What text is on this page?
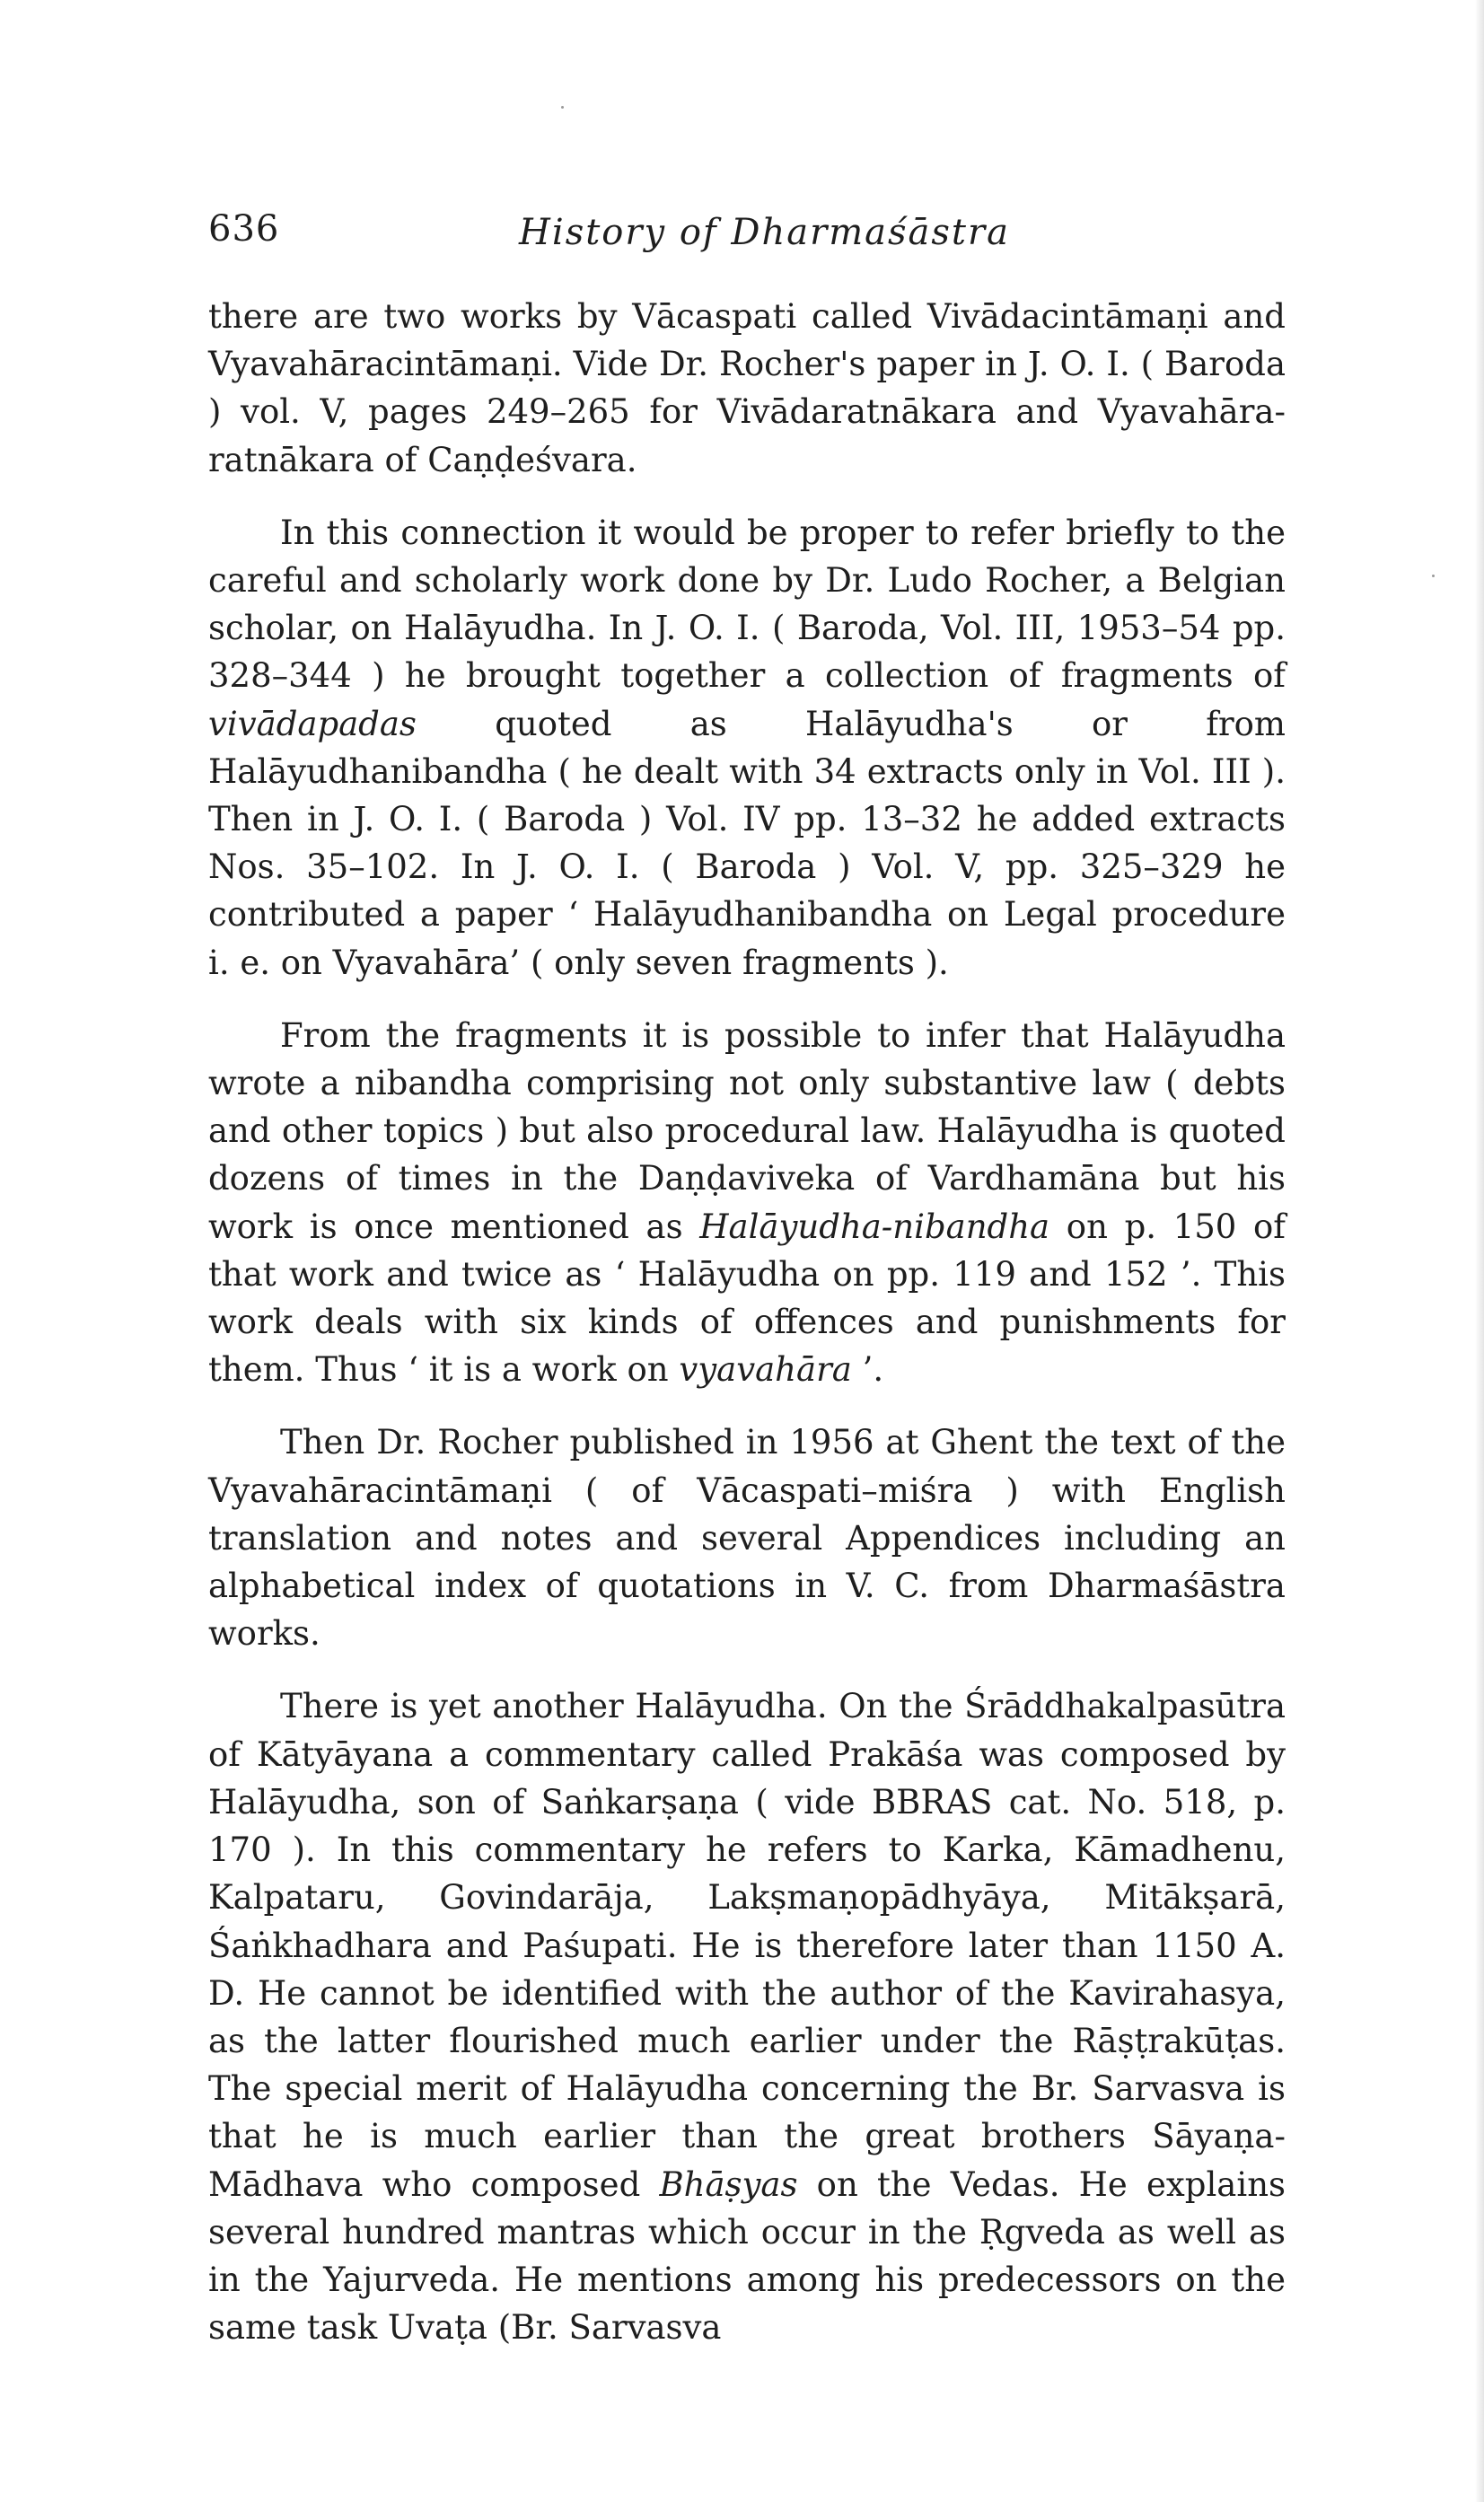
636	History of Dharmaśāstra

there are two works by Vācaspati called Vivādacintāmaṇi and Vyavahāracintāmaṇi. Vide Dr. Rocher's paper in J. O. I. ( Baroda ) vol. V, pages 249–265 for Vivādaratnākara and Vyavahāra-ratnākara of Caṇḍeśvara.

In this connection it would be proper to refer briefly to the careful and scholarly work done by Dr. Ludo Rocher, a Belgian scholar, on Halāyudha. In J. O. I. ( Baroda, Vol. III, 1953–54 pp. 328–344 ) he brought together a collection of fragments of vivādapadas quoted as Halāyudha's or from Halāyudhanibandha ( he dealt with 34 extracts only in Vol. III ). Then in J. O. I. ( Baroda ) Vol. IV pp. 13–32 he added extracts Nos. 35–102. In J. O. I. ( Baroda ) Vol. V, pp. 325–329 he contributed a paper ‘ Halāyudhanibandha on Legal procedure i. e. on Vyavahāra’ ( only seven fragments ).

From the fragments it is possible to infer that Halāyudha wrote a nibandha comprising not only substantive law ( debts and other topics ) but also procedural law. Halāyudha is quoted dozens of times in the Daṇḍaviveka of Vardhamāna but his work is once mentioned as Halāyudha-nibandha on p. 150 of that work and twice as ‘ Halāyudha on pp. 119 and 152 ’. This work deals with six kinds of offences and punishments for them. Thus ‘ it is a work on vyavahāra ’.

Then Dr. Rocher published in 1956 at Ghent the text of the Vyavahāracintāmaṇi ( of Vācaspati–miśra ) with English translation and notes and several Appendices including an alphabetical index of quotations in V. C. from Dharmaśāstra works.

There is yet another Halāyudha. On the Śrāddhakalpasūtra of Kātyāyana a commentary called Prakāśa was composed by Halāyudha, son of Saṅkarṣaṇa ( vide BBRAS cat. No. 518, p. 170 ). In this commentary he refers to Karka, Kāmadhenu, Kalpataru, Govindarāja, Lakṣmaṇopādhyāya, Mitākṣarā, Śaṅkhadhara and Paśupati. He is therefore later than 1150 A. D. He cannot be identified with the author of the Kavirahasya, as the latter flourished much earlier under the Rāṣṭrakūṭas. The special merit of Halāyudha concerning the Br. Sarvasva is that he is much earlier than the great brothers Sāyaṇa-Mādhava who composed Bhāṣyas on the Vedas. He explains several hundred mantras which occur in the Ṛgveda as well as in the Yajurveda. He mentions among his predecessors on the same task Uvaṭa (Br. Sarvasva
